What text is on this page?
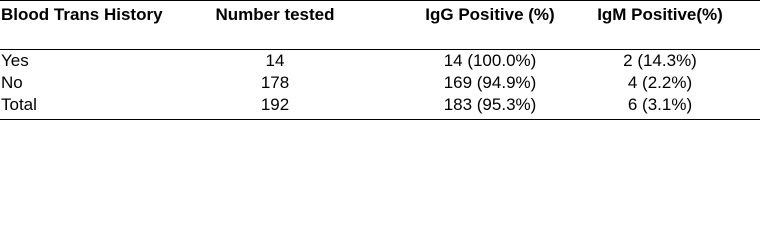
Blood Trans History	Number tested	IgG Positive (%)	IgM Positive(%)
Yes	14	14 (100.0%)	2 (14.3%)
No	178	169 (94.9%)	4 (2.2%)
Total	192	183 (95.3%)	6 (3.1%)
